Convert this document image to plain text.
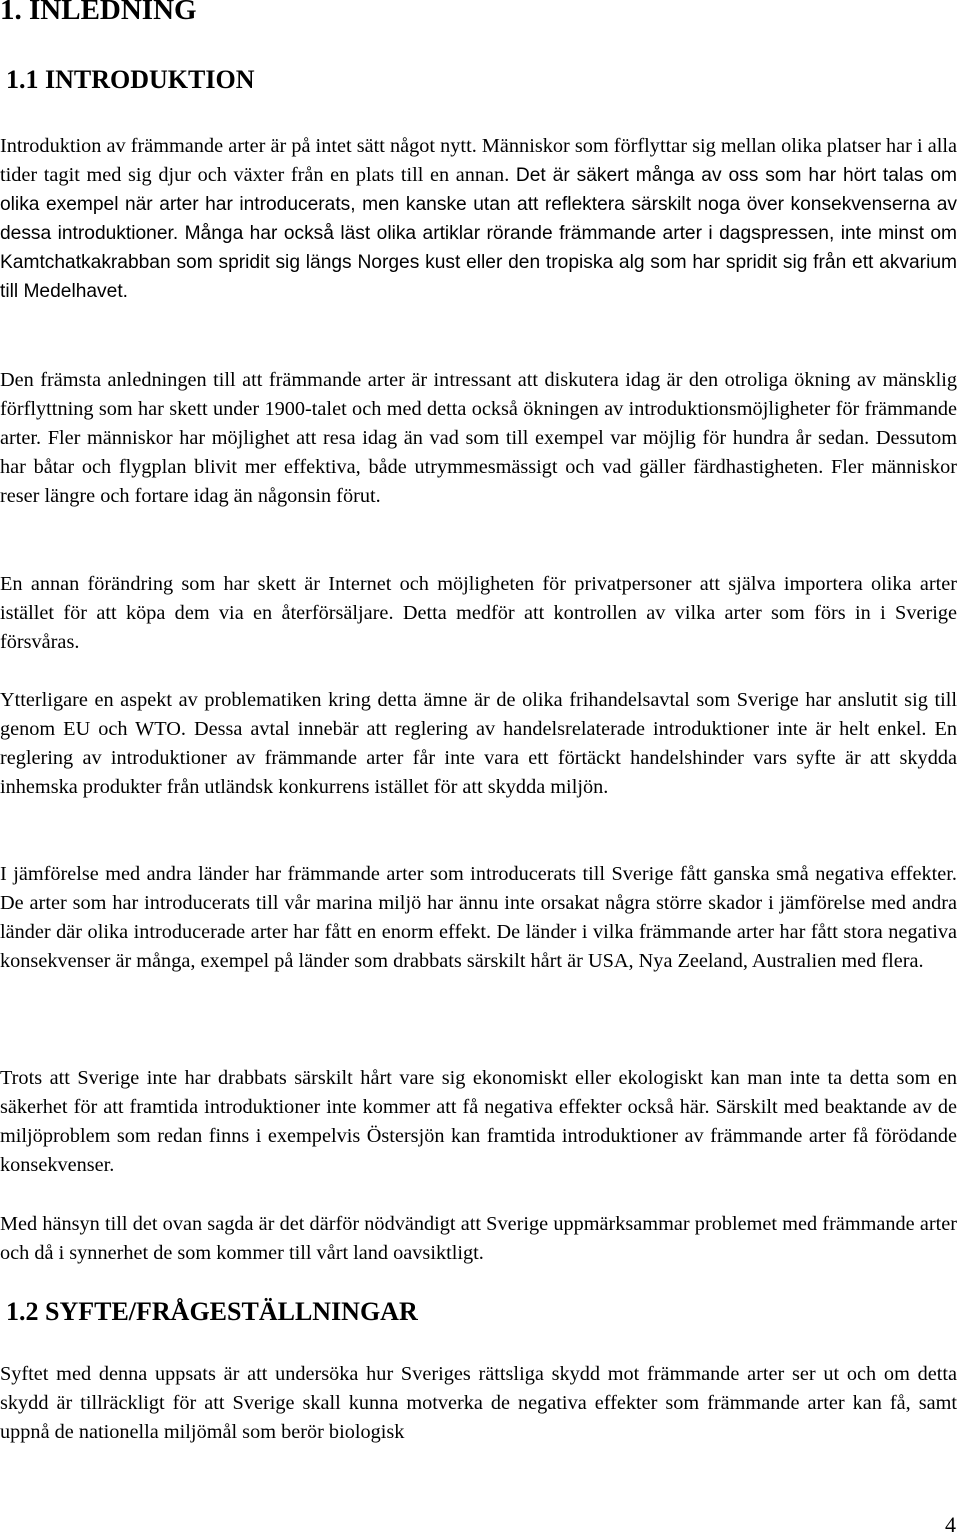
1. INLEDNING
1.1 INTRODUKTION

Introduktion av främmande arter är på intet sätt något nytt. Människor som förflyttar sig mellan olika platser har i alla tider tagit med sig djur och växter från en plats till en annan. Det är säkert många av oss som har hört talas om olika exempel när arter har introducerats, men kanske utan att reflektera särskilt noga över konsekvenserna av dessa introduktioner. Många har också läst olika artiklar rörande främmande arter i dagspressen, inte minst om Kamtchatkakrabban som spridit sig längs Norges kust eller den tropiska alg som har spridit sig från ett akvarium till Medelhavet.

Den främsta anledningen till att främmande arter är intressant att diskutera idag är den otroliga ökning av mänsklig förflyttning som har skett under 1900-talet och med detta också ökningen av introduktionsmöjligheter för främmande arter. Fler människor har möjlighet att resa idag än vad som till exempel var möjlig för hundra år sedan. Dessutom har båtar och flygplan blivit mer effektiva, både utrymmesmässigt och vad gäller färdhastigheten. Fler människor reser längre och fortare idag än någonsin förut.

En annan förändring som har skett är Internet och möjligheten för privatpersoner att själva importera olika arter istället för att köpa dem via en återförsäljare. Detta medför att kontrollen av vilka arter som förs in i Sverige försvåras.

Ytterligare en aspekt av problematiken kring detta ämne är de olika frihandelsavtal som Sverige har anslutit sig till genom EU och WTO. Dessa avtal innebär att reglering av handelsrelaterade introduktioner inte är helt enkel. En reglering av introduktioner av främmande arter får inte vara ett förtäckt handelshinder vars syfte är att skydda inhemska produkter från utländsk konkurrens istället för att skydda miljön.

I jämförelse med andra länder har främmande arter som introducerats till Sverige fått ganska små negativa effekter. De arter som har introducerats till vår marina miljö har ännu inte orsakat några större skador i jämförelse med andra länder där olika introducerade arter har fått en enorm effekt. De länder i vilka främmande arter har fått stora negativa konsekvenser är många, exempel på länder som drabbats särskilt hårt är USA, Nya Zeeland, Australien med flera.

Trots att Sverige inte har drabbats särskilt hårt vare sig ekonomiskt eller ekologiskt kan man inte ta detta som en säkerhet för att framtida introduktioner inte kommer att få negativa effekter också här. Särskilt med beaktande av de miljöproblem som redan finns i exempelvis Östersjön kan framtida introduktioner av främmande arter få förödande konsekvenser.

Med hänsyn till det ovan sagda är det därför nödvändigt att Sverige uppmärksammar problemet med främmande arter och då i synnerhet de som kommer till vårt land oavsiktligt.

1.2 SYFTE/FRÅGESTÄLLNINGAR

Syftet med denna uppsats är att undersöka hur Sveriges rättsliga skydd mot främmande arter ser ut och om detta skydd är tillräckligt för att Sverige skall kunna motverka de negativa effekter som främmande arter kan få, samt uppnå de nationella miljömål som berör biologisk

4
